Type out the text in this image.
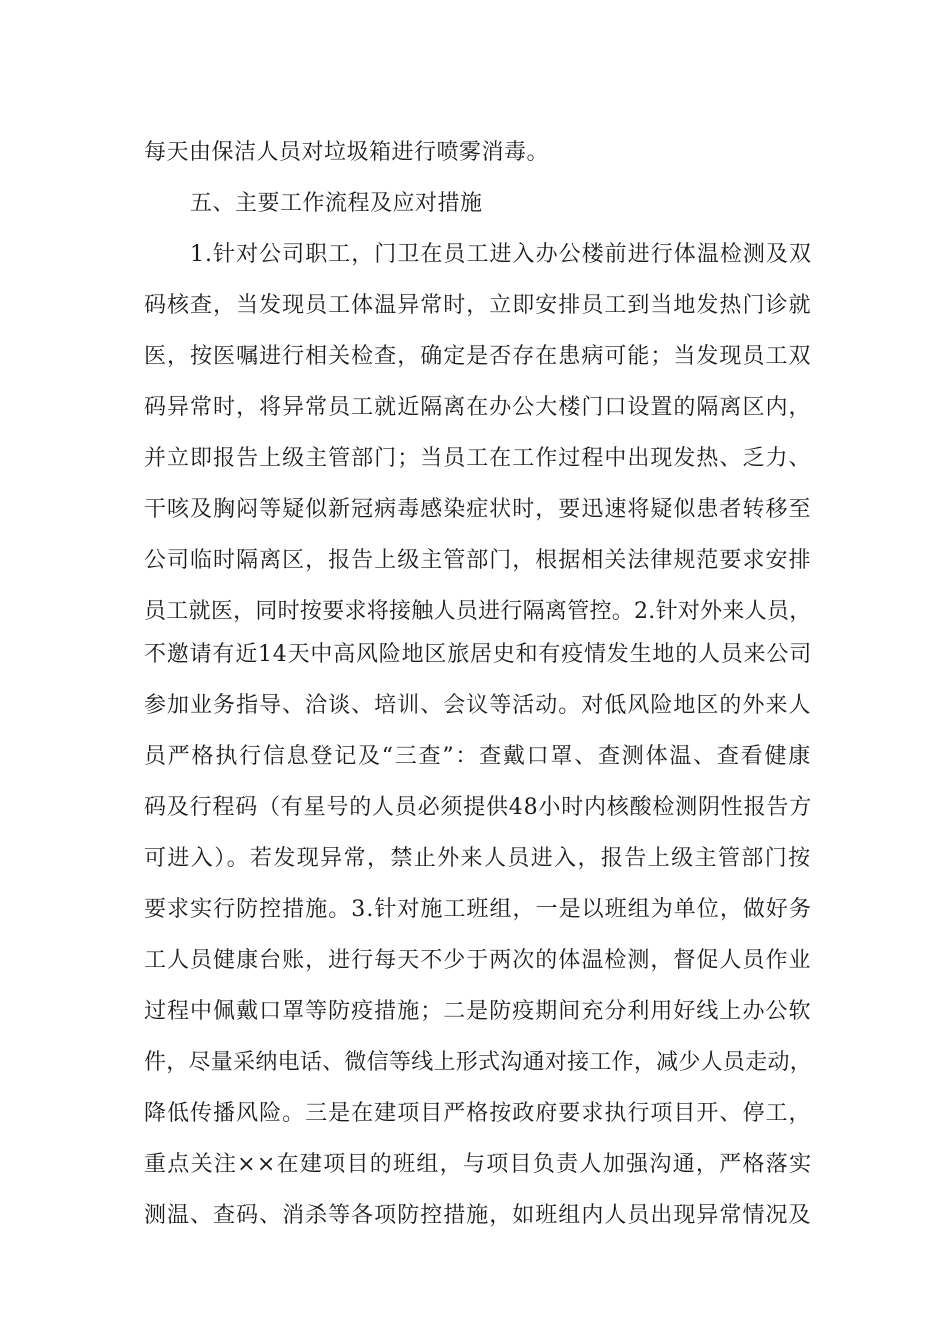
每天由保洁人员对垃圾箱进行喷雾消毒。
五、主要工作流程及应对措施
1.针对公司职工，门卫在员工进入办公楼前进行体温检测及双
码核查，当发现员工体温异常时，立即安排员工到当地发热门诊就
医，按医嘱进行相关检查，确定是否存在患病可能；当发现员工双
码异常时，将异常员工就近隔离在办公大楼门口设置的隔离区内，
并立即报告上级主管部门；当员工在工作过程中出现发热、乏力、
干咳及胸闷等疑似新冠病毒感染症状时，要迅速将疑似患者转移至
公司临时隔离区，报告上级主管部门，根据相关法律规范要求安排
员工就医，同时按要求将接触人员进行隔离管控。2.针对外来人员，
不邀请有近14天中高风险地区旅居史和有疫情发生地的人员来公司
参加业务指导、洽谈、培训、会议等活动。对低风险地区的外来人
员严格执行信息登记及“三查”：查戴口罩、查测体温、查看健康
码及行程码（有星号的人员必须提供48小时内核酸检测阴性报告方
可进入）。若发现异常，禁止外来人员进入，报告上级主管部门按
要求实行防控措施。3.针对施工班组，一是以班组为单位，做好务
工人员健康台账，进行每天不少于两次的体温检测，督促人员作业
过程中佩戴口罩等防疫措施；二是防疫期间充分利用好线上办公软
件，尽量采纳电话、微信等线上形式沟通对接工作，减少人员走动，
降低传播风险。三是在建项目严格按政府要求执行项目开、停工，
重点关注××在建项目的班组，与项目负责人加强沟通，严格落实
测温、查码、消杀等各项防控措施，如班组内人员出现异常情况及
